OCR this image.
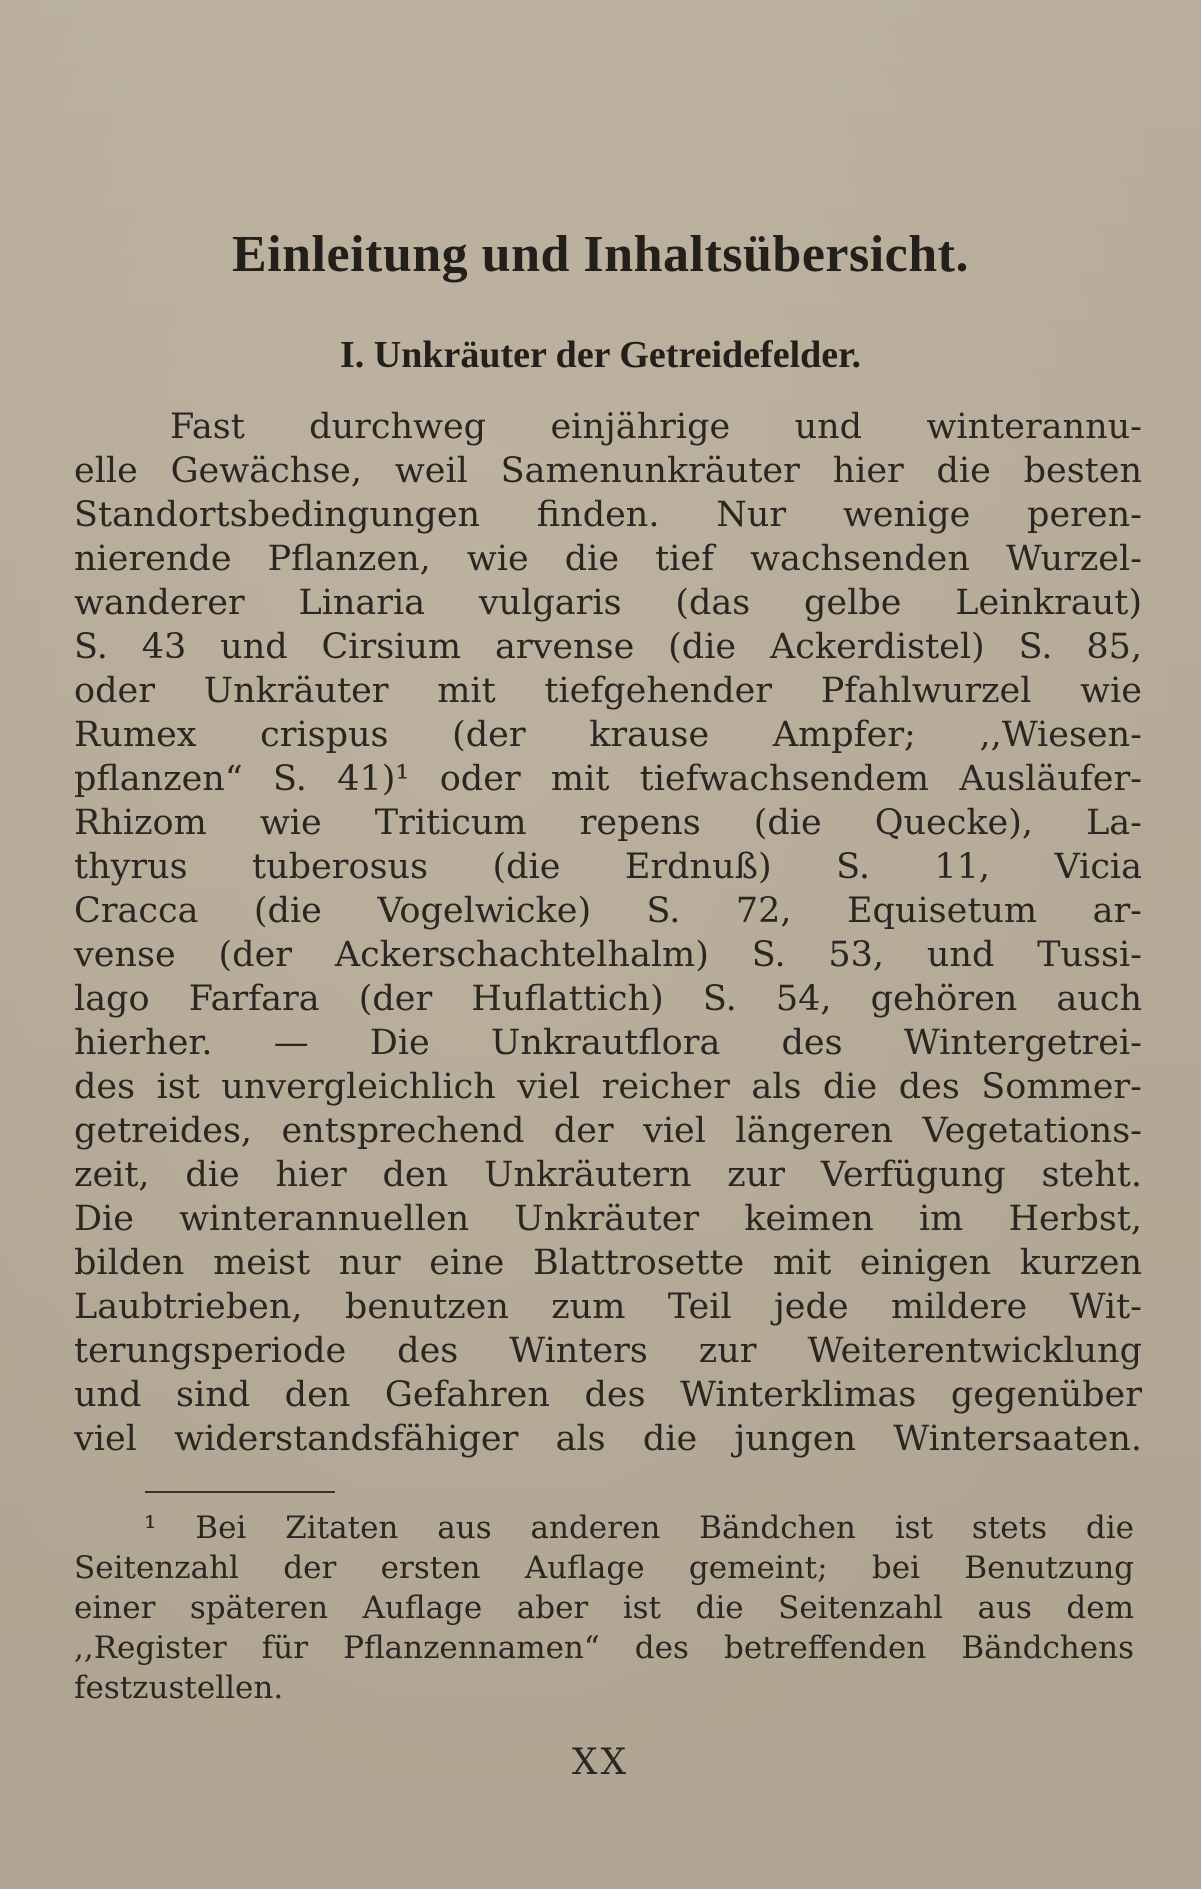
Einleitung und Inhaltsübersicht.
I. Unkräuter der Getreidefelder.
Fast durchweg einjährige und winterannu-
elle Gewächse, weil Samenunkräuter hier die besten
Standortsbedingungen finden. Nur wenige peren-
nierende Pflanzen, wie die tief wachsenden Wurzel-
wanderer Linaria vulgaris (das gelbe Leinkraut)
S. 43 und Cirsium arvense (die Ackerdistel) S. 85,
oder Unkräuter mit tiefgehender Pfahlwurzel wie
Rumex crispus (der krause Ampfer; ,,Wiesen-
pflanzen“ S. 41)¹ oder mit tiefwachsendem Ausläufer-
Rhizom wie Triticum repens (die Quecke), La-
thyrus tuberosus (die Erdnuß) S. 11, Vicia
Cracca (die Vogelwicke) S. 72, Equisetum ar-
vense (der Ackerschachtelhalm) S. 53, und Tussi-
lago Farfara (der Huflattich) S. 54, gehören auch
hierher. — Die Unkrautflora des Wintergetrei-
des ist unvergleichlich viel reicher als die des Sommer-
getreides, entsprechend der viel längeren Vegetations-
zeit, die hier den Unkräutern zur Verfügung steht.
Die winterannuellen Unkräuter keimen im Herbst,
bilden meist nur eine Blattrosette mit einigen kurzen
Laubtrieben, benutzen zum Teil jede mildere Wit-
terungsperiode des Winters zur Weiterentwicklung
und sind den Gefahren des Winterklimas gegenüber
viel widerstandsfähiger als die jungen Wintersaaten.
¹ Bei Zitaten aus anderen Bändchen ist stets die
Seitenzahl der ersten Auflage gemeint; bei Benutzung
einer späteren Auflage aber ist die Seitenzahl aus dem
,,Register für Pflanzennamen“ des betreffenden Bändchens
festzustellen.
XX
